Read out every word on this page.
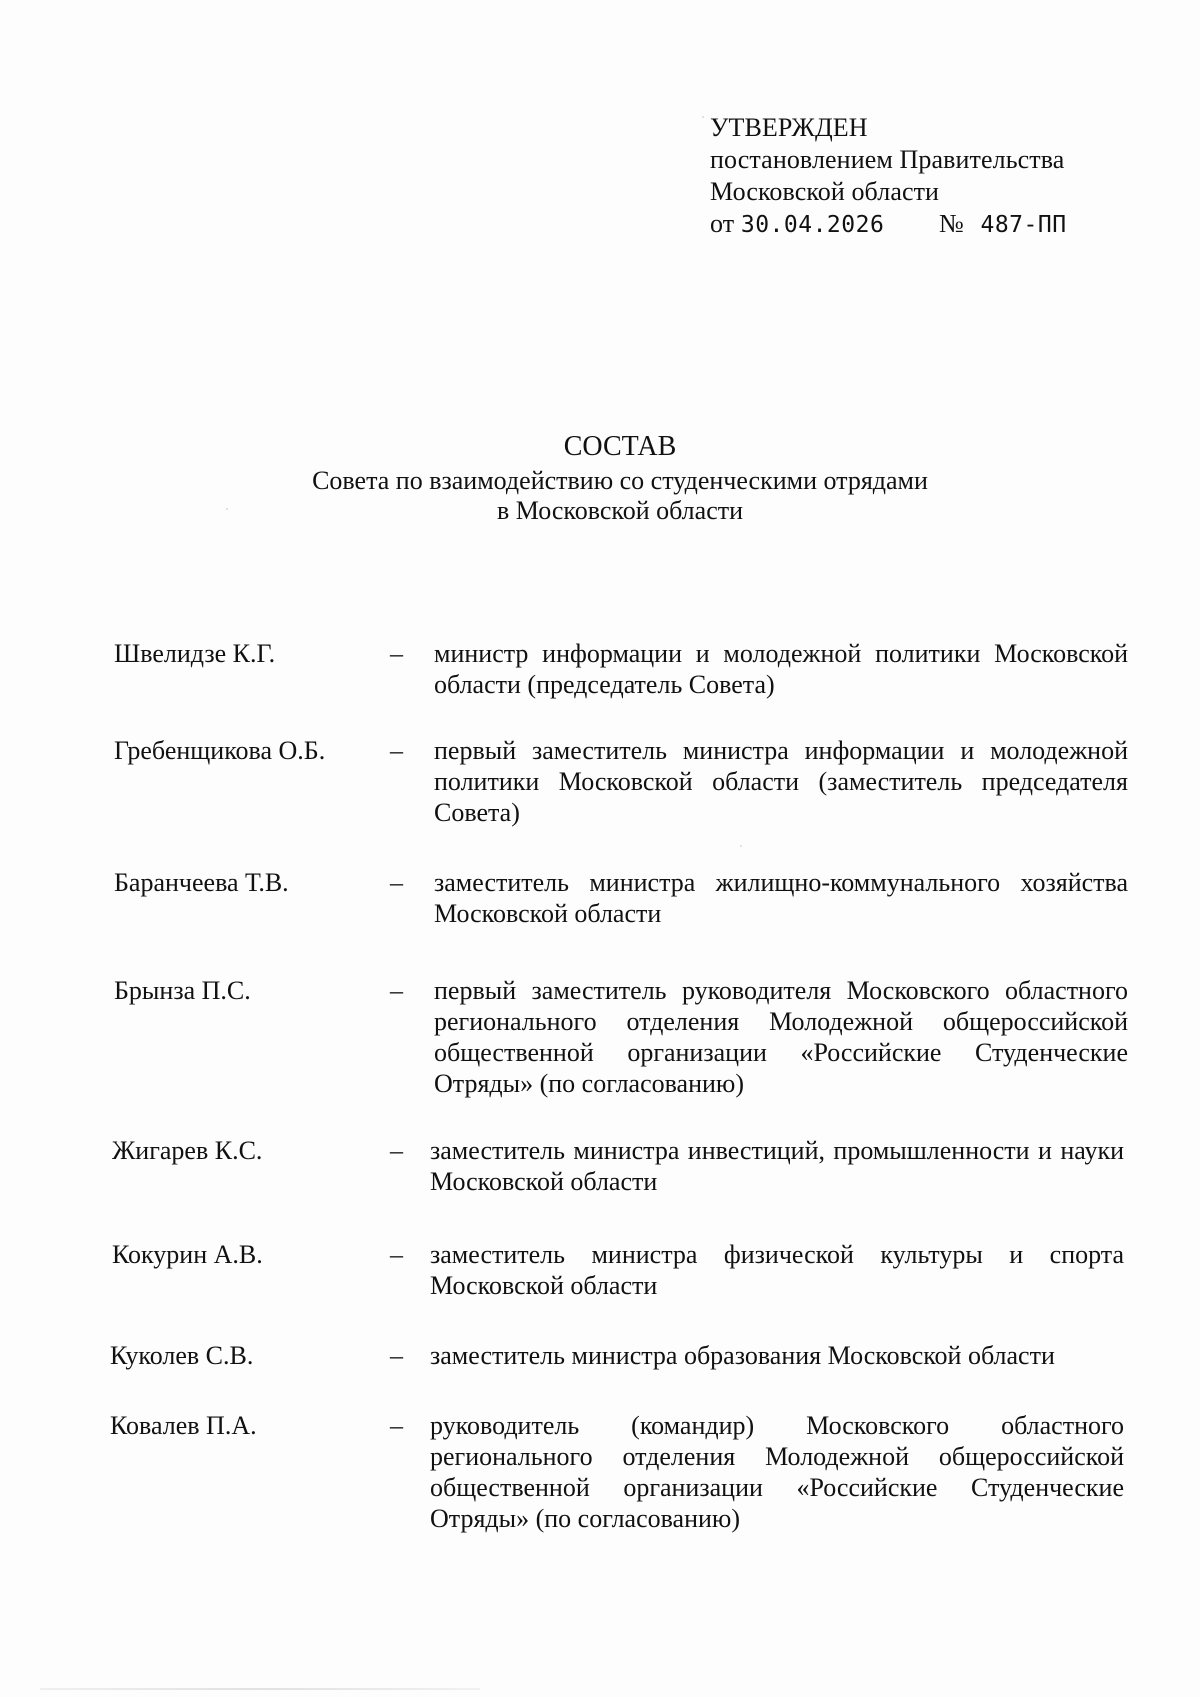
УТВЕРЖДЕН
постановлением Правительства
Московской области
от 30.04.2026 № 487-ПП
СОСТАВ
Совета по взаимодействию со студенческими отрядами
в Московской области
Швелидзе К.Г.	– министр информации и молодежной политики Московской области (председатель Совета)
Гребенщикова О.Б. – первый заместитель министра информации и молодежной политики Московской области (заместитель председателя Совета)
Баранчеева Т.В.	– заместитель министра жилищно-коммунального хозяйства Московской области
Брынза П.С.	– первый заместитель руководителя Московского областного регионального отделения Молодежной общероссийской общественной организации «Российские Студенческие Отряды» (по согласованию)
Жигарев К.С.	– заместитель министра инвестиций, промышленности и науки Московской области
Кокурин А.В.	– заместитель министра физической культуры и спорта Московской области
Куколев С.В.	– заместитель министра образования Московской области
Ковалев П.А.	– руководитель (командир) Московского областного регионального отделения Молодежной общероссийской общественной организации «Российские Студенческие Отряды» (по согласованию)
